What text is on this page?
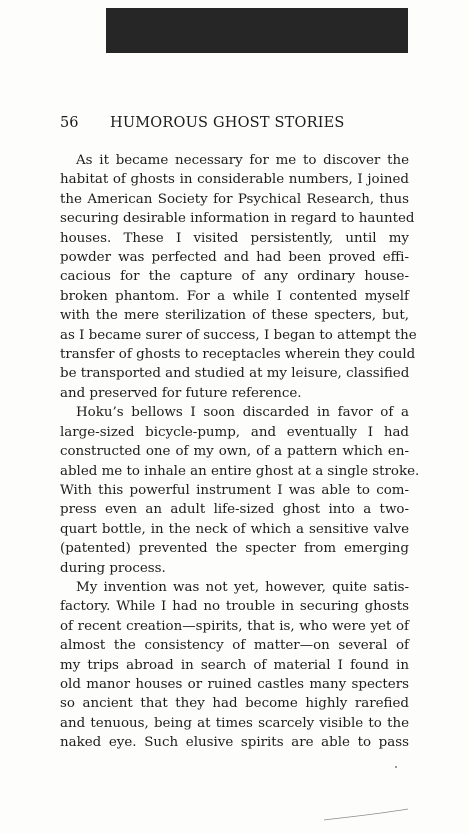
56 HUMOROUS GHOST STORIES

As it became necessary for me to discover the
habitat of ghosts in considerable numbers, I joined
the American Society for Psychical Research, thus
securing desirable information in regard to haunted
houses. These I visited persistently, until my
powder was perfected and had been proved effi-
cacious for the capture of any ordinary house-
broken phantom. For a while I contented myself
with the mere sterilization of these specters, but,
as I became surer of success, I began to attempt the
transfer of ghosts to receptacles wherein they could
be transported and studied at my leisure, classified
and preserved for future reference.

Hoku’s bellows I soon discarded in favor of a
large-sized bicycle-pump, and eventually I had
constructed one of my own, of a pattern which en-
abled me to inhale an entire ghost at a single stroke.
With this powerful instrument I was able to com-
press even an adult life-sized ghost into a two-
quart bottle, in the neck of which a sensitive valve
(patented) prevented the specter from emerging
during process.

My invention was not yet, however, quite satis-
factory. While I had no trouble in securing ghosts
of recent creation—spirits, that is, who were yet of
almost the consistency of matter—on several of
my trips abroad in search of material I found in
old manor houses or ruined castles many specters
so ancient that they had become highly rarefied
and tenuous, being at times scarcely visible to the
naked eye. Such elusive spirits are able to pass
